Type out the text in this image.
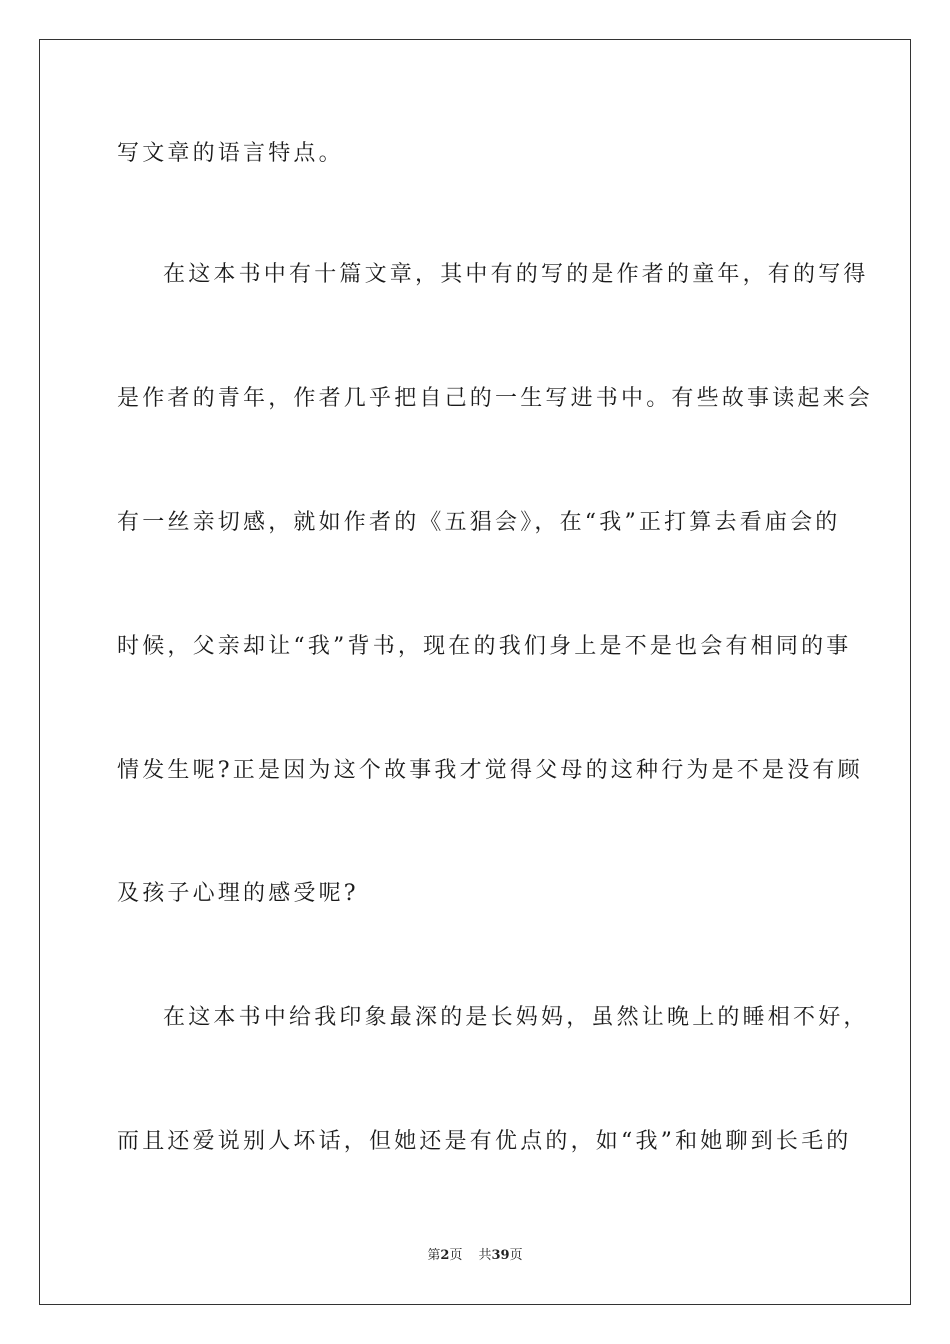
写文章的语言特点。
在这本书中有十篇文章，其中有的写的是作者的童年，有的写得
是作者的青年，作者几乎把自己的一生写进书中。有些故事读起来会
有一丝亲切感，就如作者的《五猖会》，在“我”正打算去看庙会的
时候，父亲却让“我”背书，现在的我们身上是不是也会有相同的事
情发生呢?正是因为这个故事我才觉得父母的这种行为是不是没有顾
及孩子心理的感受呢?
在这本书中给我印象最深的是长妈妈，虽然让晚上的睡相不好，
而且还爱说别人坏话，但她还是有优点的，如“我”和她聊到长毛的
第2页 共39页
